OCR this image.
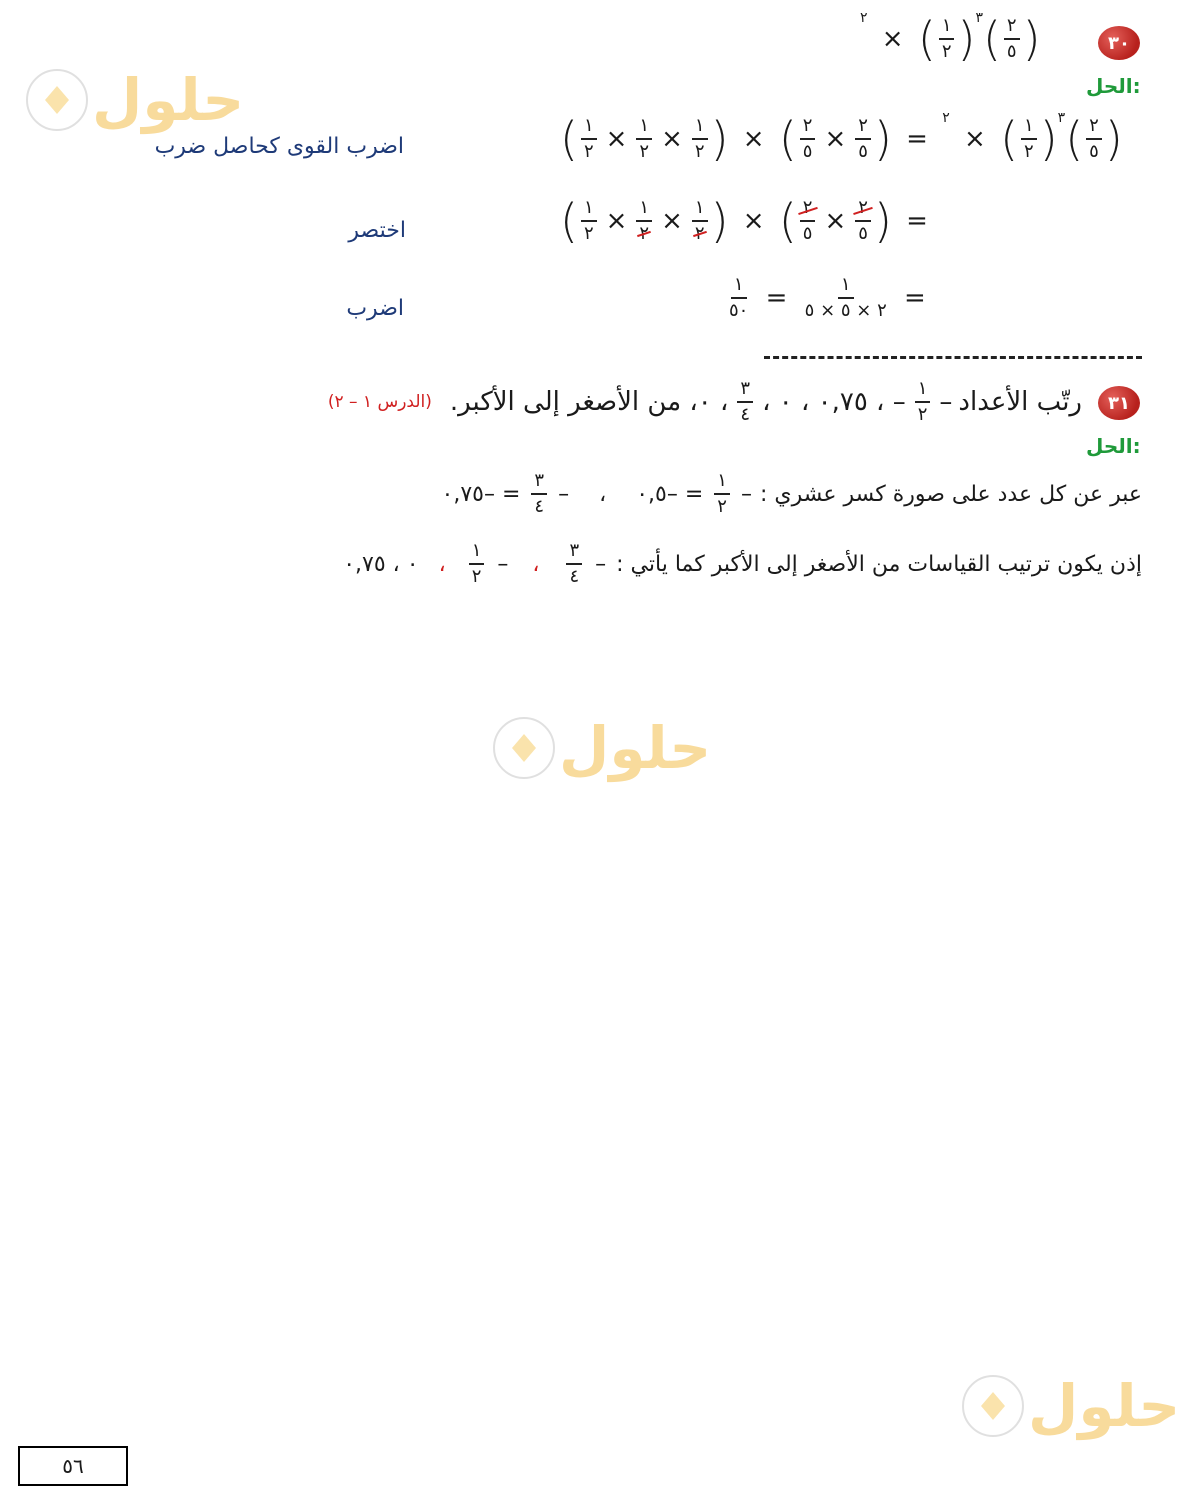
حلول
حلول
حلول
٣٠
$^٣$(
$\frac{١}{٢}$
) × $^٢$	( $\frac{٢}{٥}$ )
الحل:
( $\frac{١}{٢} \times \frac{١}{٢} \times \frac{١}{٢}$ ) × ( $\frac{٢}{٥} \times \frac{٢}{٥}$ ) = $^٣$(
$\frac{١}{٢}$
) × $^٢$	( $\frac{٢}{٥}$ )
اضرب القوى كحاصل ضرب
( $\frac{١}{٢} \times \frac{١}{٢} \times \frac{١}{٢}$ ) × ( $\frac{٢}{٥} \times \frac{٢}{٥}$ ) =
اختصر
$\frac{١}{٥٠} = \frac{١}{٢ \times ٥ \times ٥}$ =
اضرب
٣١
رتّب الأعداد
–
$\frac{١}{٢}$
– ، ٠,٧٥ ، ٠ ،
$\frac{٣}{٤}$
، ٠، من الأصغر إلى الأكبر.
(الدرس ١ – ٢)
الحل:
عبر عن كل عدد على صورة كسر عشري :
–
$\frac{١}{٢}$
= –٠,٥
،
–
$\frac{٣}{٤}$
= –٠,٧٥
إذن يكون ترتيب القياسات من الأصغر إلى الأكبر كما يأتي :
–
$\frac{٣}{٤}$
،
–
$\frac{١}{٢}$
،
٠ ، ٠,٧٥
٥٦
